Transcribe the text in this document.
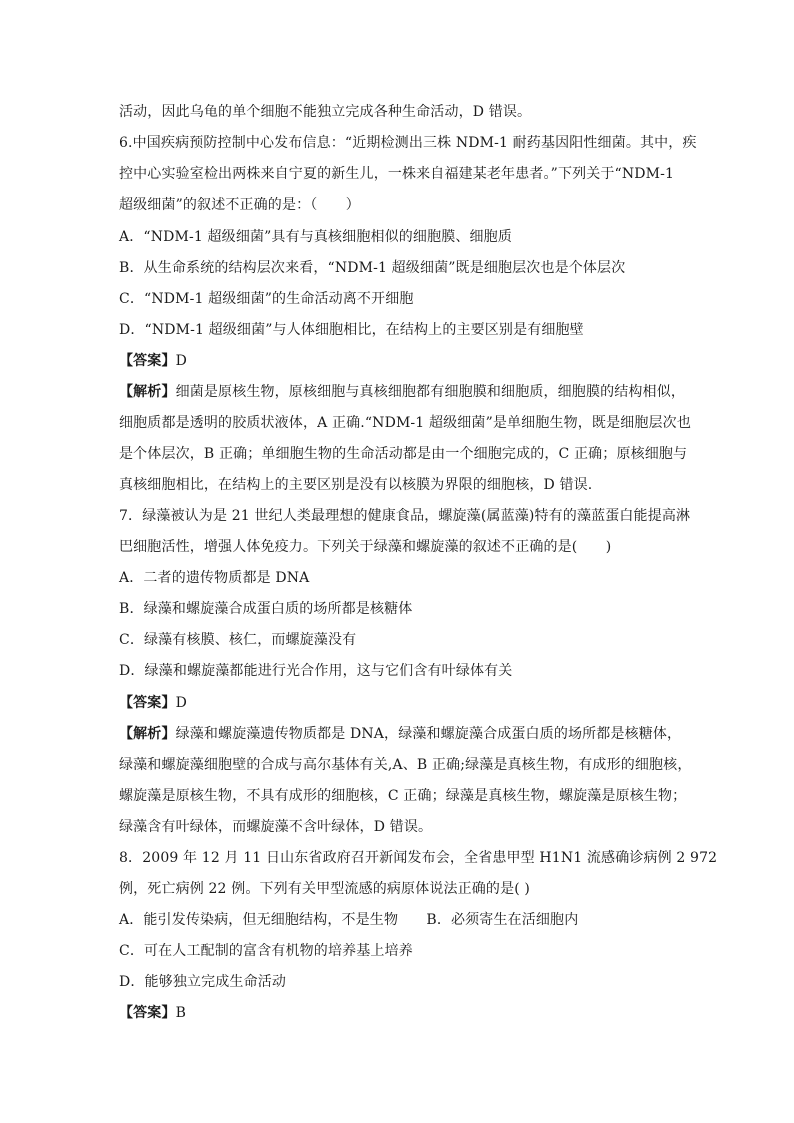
活动，因此乌龟的单个细胞不能独立完成各种生命活动，D 错误。
6.中国疾病预防控制中心发布信息：“近期检测出三株 NDM-1 耐药基因阳性细菌。其中，疾
控中心实验室检出两株来自宁夏的新生儿，一株来自福建某老年患者。”下列关于“NDM-1
超级细菌”的叙述不正确的是：（　　）
A．“NDM-1 超级细菌”具有与真核细胞相似的细胞膜、细胞质
B．从生命系统的结构层次来看，“NDM-1 超级细菌”既是细胞层次也是个体层次
C．“NDM-1 超级细菌”的生命活动离不开细胞
D．“NDM-1 超级细菌”与人体细胞相比，在结构上的主要区别是有细胞壁
【答案】D
【解析】细菌是原核生物，原核细胞与真核细胞都有细胞膜和细胞质，细胞膜的结构相似，
细胞质都是透明的胶质状液体，A 正确.“NDM-1 超级细菌”是单细胞生物，既是细胞层次也
是个体层次，B 正确；单细胞生物的生命活动都是由一个细胞完成的，C 正确；原核细胞与
真核细胞相比，在结构上的主要区别是没有以核膜为界限的细胞核，D 错误.
7．绿藻被认为是 21 世纪人类最理想的健康食品，螺旋藻(属蓝藻)特有的藻蓝蛋白能提高淋
巴细胞活性，增强人体免疫力。下列关于绿藻和螺旋藻的叙述不正确的是(　　)
A．二者的遗传物质都是 DNA
B．绿藻和螺旋藻合成蛋白质的场所都是核糖体
C．绿藻有核膜、核仁，而螺旋藻没有
D．绿藻和螺旋藻都能进行光合作用，这与它们含有叶绿体有关
【答案】D
【解析】绿藻和螺旋藻遗传物质都是 DNA，绿藻和螺旋藻合成蛋白质的场所都是核糖体，
绿藻和螺旋藻细胞壁的合成与高尔基体有关,A、B 正确;绿藻是真核生物，有成形的细胞核，
螺旋藻是原核生物，不具有成形的细胞核，C 正确；绿藻是真核生物，螺旋藻是原核生物；
绿藻含有叶绿体，而螺旋藻不含叶绿体，D 错误。
8．2009 年 12 月 11 日山东省政府召开新闻发布会，全省患甲型 H1N1 流感确诊病例 2 972
例，死亡病例 22 例。下列有关甲型流感的病原体说法正确的是( )
A．能引发传染病，但无细胞结构，不是生物　　B．必须寄生在活细胞内
C．可在人工配制的富含有机物的培养基上培养
D．能够独立完成生命活动
【答案】B
